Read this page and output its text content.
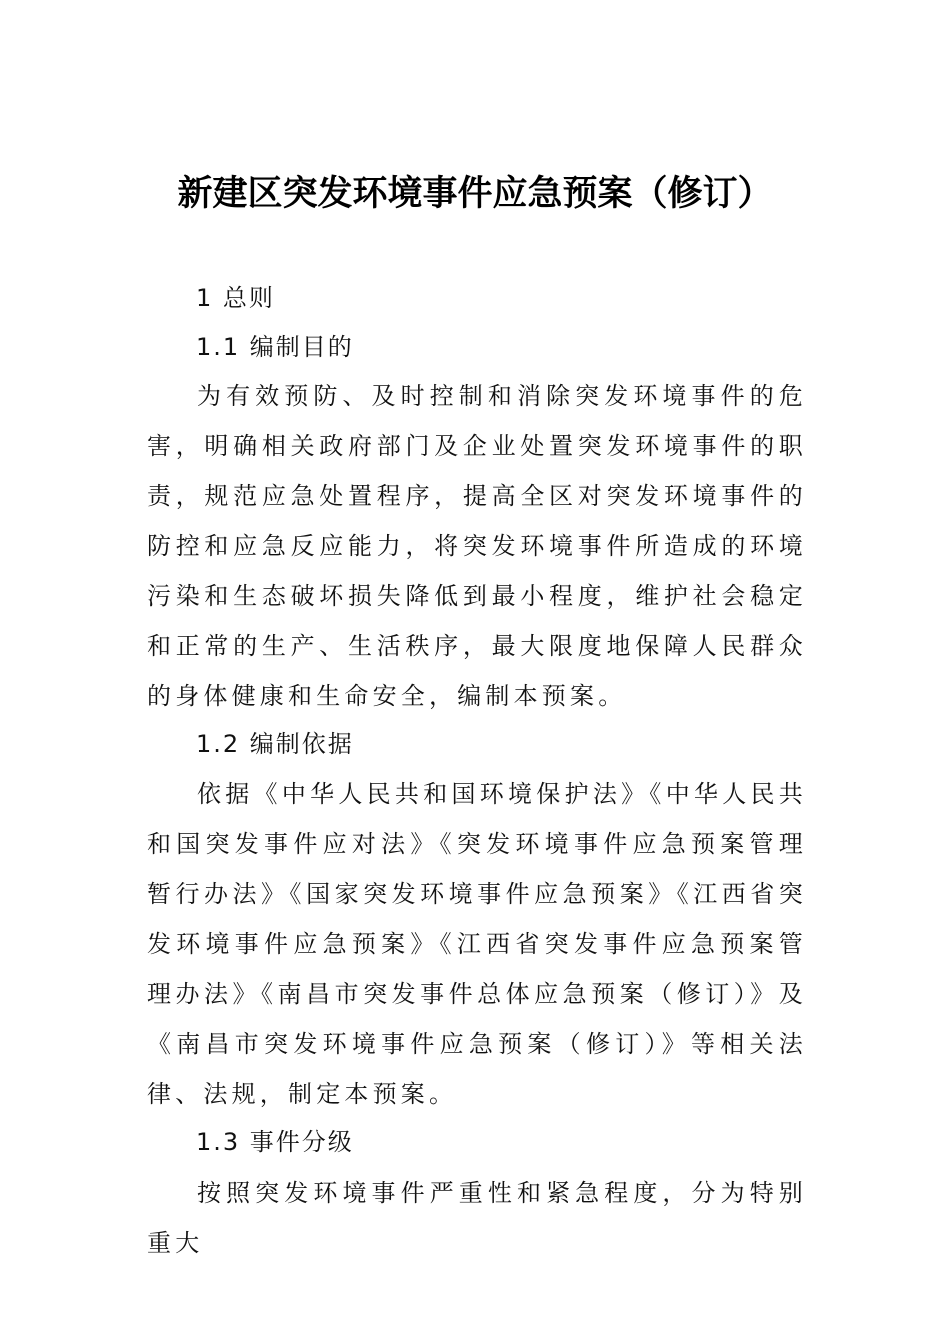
新建区突发环境事件应急预案（修订）
1 总则
1.1 编制目的

为有效预防、及时控制和消除突发环境事件的危害，明确相关政府部门及企业处置突发环境事件的职责，规范应急处置程序，提高全区对突发环境事件的防控和应急反应能力，将突发环境事件所造成的环境污染和生态破坏损失降低到最小程度，维护社会稳定和正常的生产、生活秩序，最大限度地保障人民群众的身体健康和生命安全，编制本预案。

1.2 编制依据

依据《中华人民共和国环境保护法》《中华人民共和国突发事件应对法》《突发环境事件应急预案管理暂行办法》《国家突发环境事件应急预案》《江西省突发环境事件应急预案》《江西省突发事件应急预案管理办法》《南昌市突发事件总体应急预案（修订）》及《南昌市突发环境事件应急预案（修订）》等相关法律、法规，制定本预案。

1.3 事件分级

按照突发环境事件严重性和紧急程度，分为特别重大
